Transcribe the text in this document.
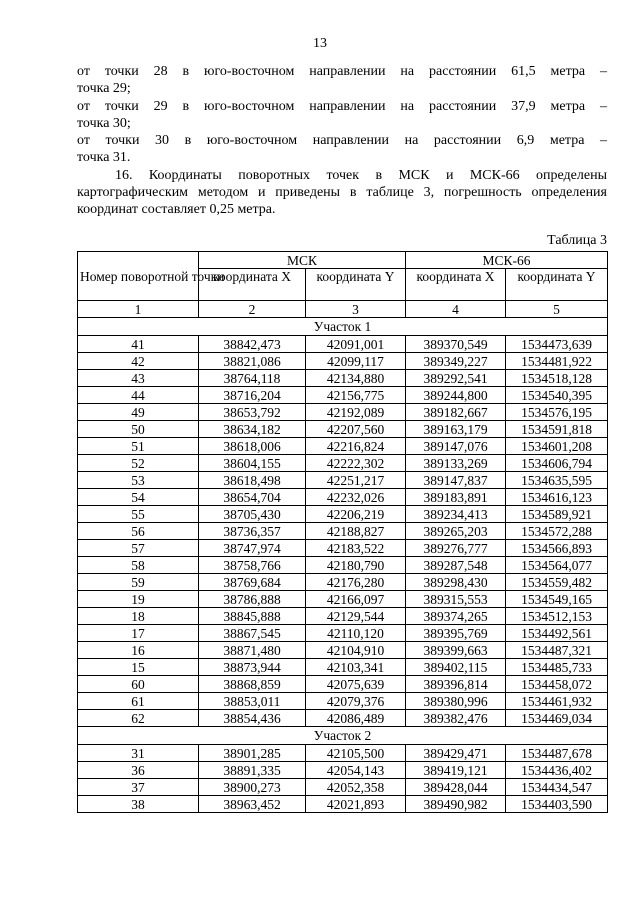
13

от точки 28 в юго-восточном направлении на расстоянии 61,5 метра –

точка 29;

от точки 29 в юго-восточном направлении на расстоянии 37,9 метра –

точка 30;

от точки 30 в юго-восточном направлении на расстоянии 6,9 метра –

точка 31.

16. Координаты поворотных точек в МСК и МСК-66 определены

картографическим методом и приведены в таблице 3, погрешность определения

координат составляет 0,25 метра.

Таблица 3
Номер поворотной точки	МСК		МСК-66	
	координата X	координата Y	координата X	координата Y
1	2	3	4	5
Участок 1				
41	38842,473	42091,001	389370,549	1534473,639
42	38821,086	42099,117	389349,227	1534481,922
43	38764,118	42134,880	389292,541	1534518,128
44	38716,204	42156,775	389244,800	1534540,395
49	38653,792	42192,089	389182,667	1534576,195
50	38634,182	42207,560	389163,179	1534591,818
51	38618,006	42216,824	389147,076	1534601,208
52	38604,155	42222,302	389133,269	1534606,794
53	38618,498	42251,217	389147,837	1534635,595
54	38654,704	42232,026	389183,891	1534616,123
55	38705,430	42206,219	389234,413	1534589,921
56	38736,357	42188,827	389265,203	1534572,288
57	38747,974	42183,522	389276,777	1534566,893
58	38758,766	42180,790	389287,548	1534564,077
59	38769,684	42176,280	389298,430	1534559,482
19	38786,888	42166,097	389315,553	1534549,165
18	38845,888	42129,544	389374,265	1534512,153
17	38867,545	42110,120	389395,769	1534492,561
16	38871,480	42104,910	389399,663	1534487,321
15	38873,944	42103,341	389402,115	1534485,733
60	38868,859	42075,639	389396,814	1534458,072
61	38853,011	42079,376	389380,996	1534461,932
62	38854,436	42086,489	389382,476	1534469,034
Участок 2				
31	38901,285	42105,500	389429,471	1534487,678
36	38891,335	42054,143	389419,121	1534436,402
37	38900,273	42052,358	389428,044	1534434,547
38	38963,452	42021,893	389490,982	1534403,590
